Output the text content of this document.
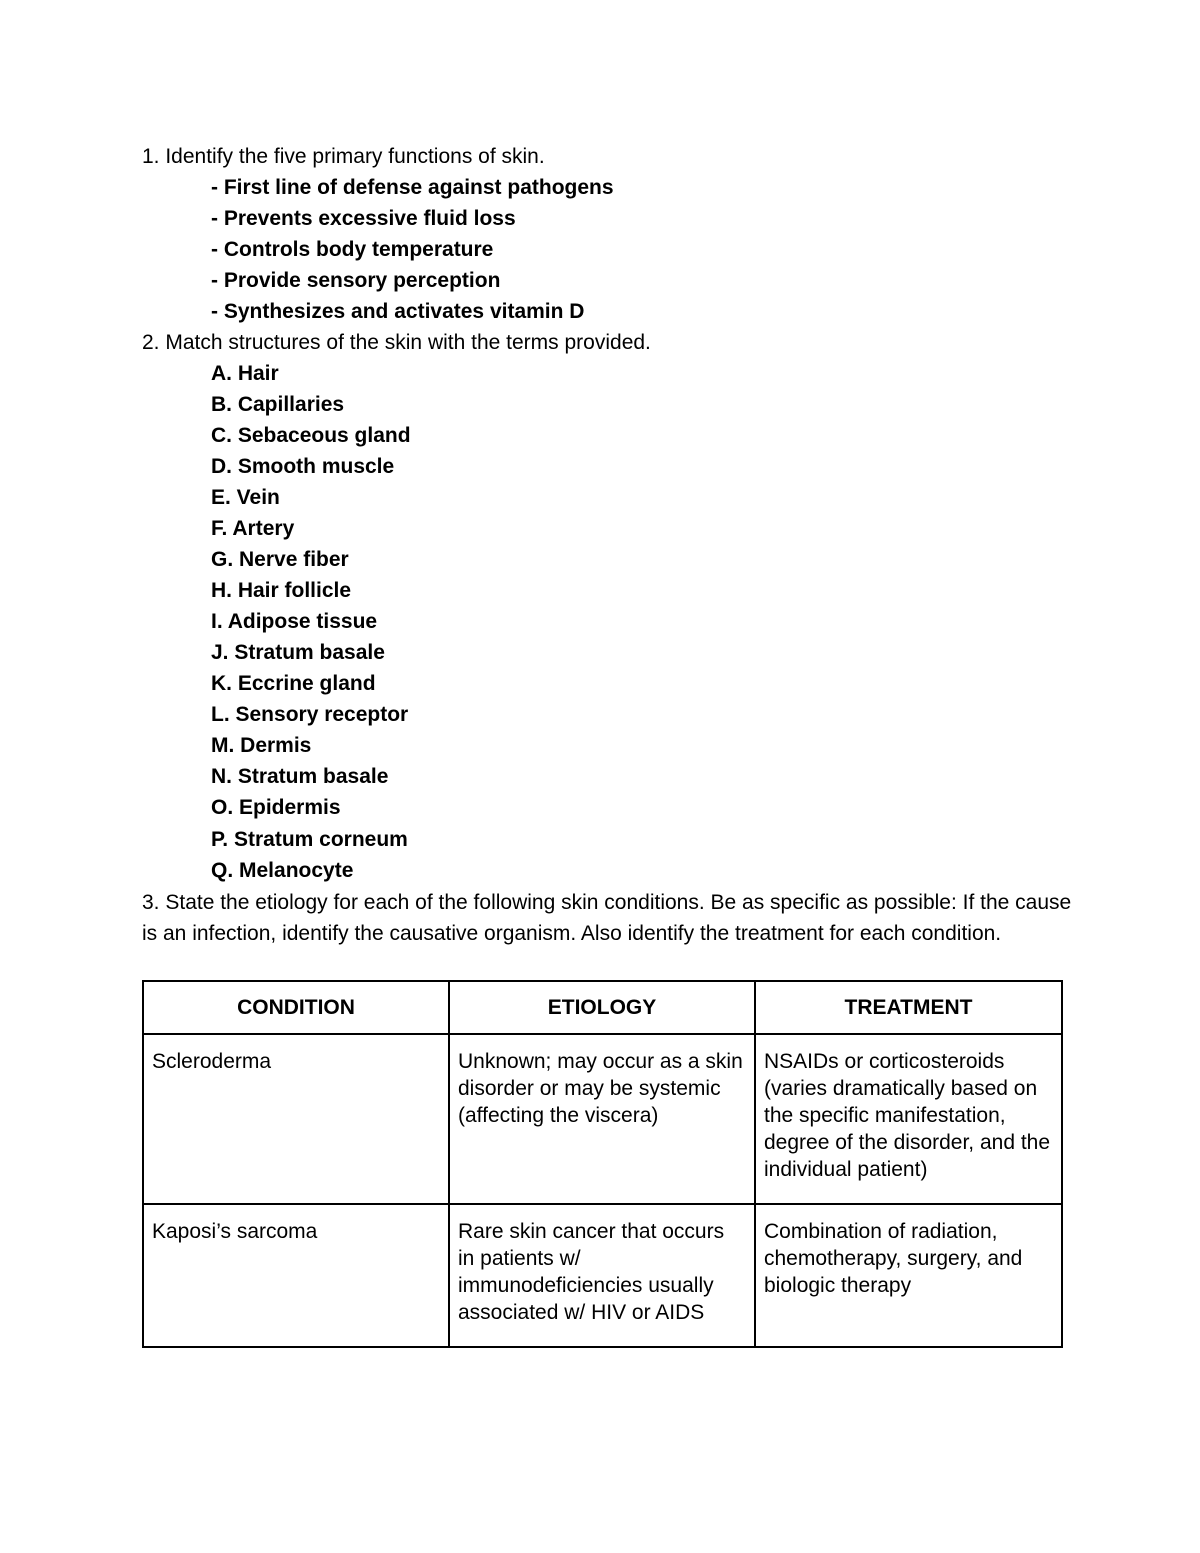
1. Identify the five primary functions of skin.
- First line of defense against pathogens
- Prevents excessive fluid loss
- Controls body temperature
- Provide sensory perception
- Synthesizes and activates vitamin D
2. Match structures of the skin with the terms provided.
A. Hair
B. Capillaries
C. Sebaceous gland
D. Smooth muscle
E. Vein
F. Artery
G. Nerve fiber
H. Hair follicle
I. Adipose tissue
J. Stratum basale
K. Eccrine gland
L. Sensory receptor
M. Dermis
N. Stratum basale
O. Epidermis
P. Stratum corneum
Q. Melanocyte
3. State the etiology for each of the following skin conditions. Be as specific as possible: If the cause is an infection, identify the causative organism. Also identify the treatment for each condition.
CONDITION	ETIOLOGY	TREATMENT
Scleroderma	Unknown; may occur as a skin disorder or may be systemic (affecting the viscera)	NSAIDs or corticosteroids (varies dramatically based on the specific manifestation, degree of the disorder, and the individual patient)
Kaposi’s sarcoma	Rare skin cancer that occurs in patients w/ immunodeficiencies usually associated w/ HIV or AIDS	Combination of radiation, chemotherapy, surgery, and biologic therapy
